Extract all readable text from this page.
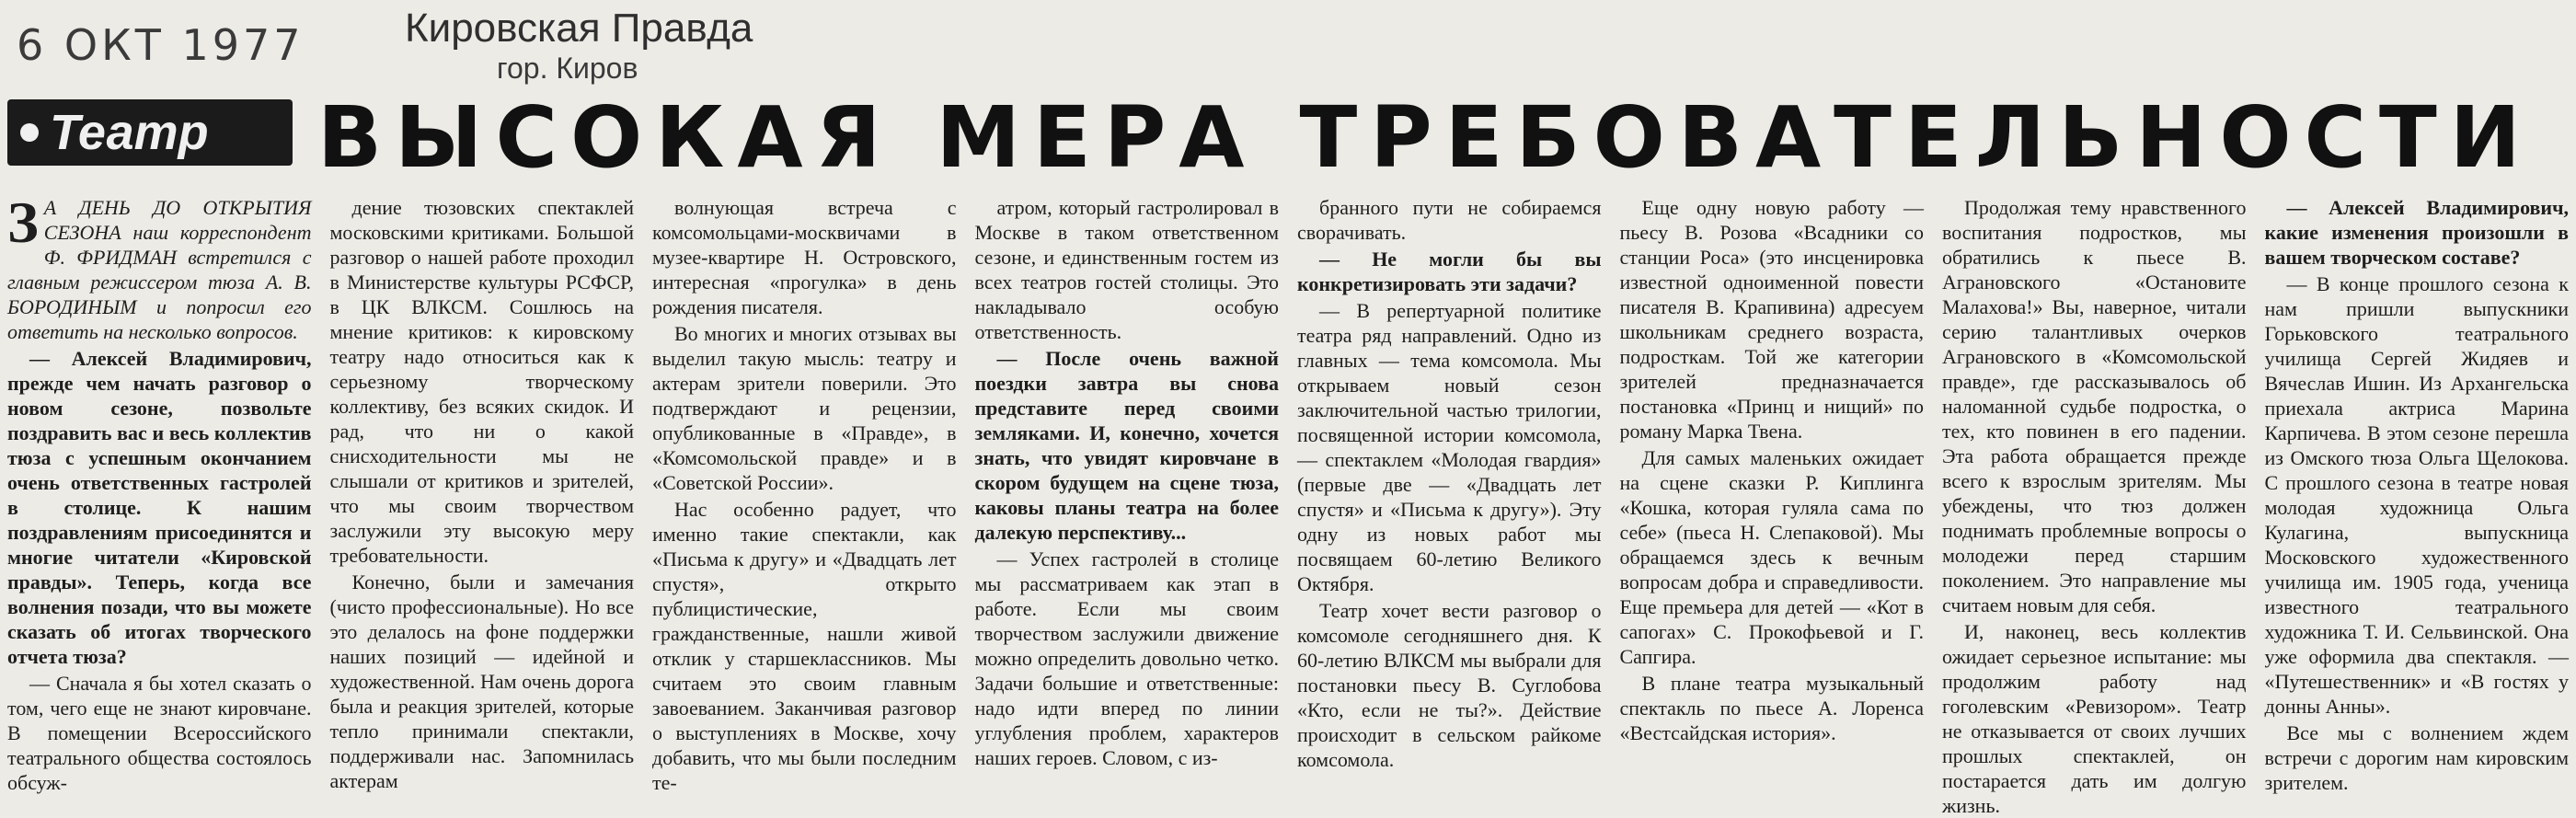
6 ОКТ 1977 Кировская Правда
гор. Киров
Театр ВЫСОКАЯ МЕРА ТРЕБОВАТЕЛЬНОСТИ

З А ДЕНЬ ДО ОТКРЫТИЯ СЕЗОНА наш корреспондент Ф. ФРИДМАН встретился с главным режиссером тюза А. В. БОРОДИНЫМ и попросил его ответить на несколько вопросов.

— Алексей Владимирович, прежде чем начать разговор о новом сезоне, позвольте поздравить вас и весь коллектив тюза с успешным окончанием очень ответственных гастролей в столице. К нашим поздравлениям присоединятся и многие читатели «Кировской правды». Теперь, когда все волнения позади, что вы можете сказать об итогах творческого отчета тюза?

— Сначала я бы хотел сказать о том, чего еще не знают кировчане. В помещении Всероссийского театрального общества состоялось обсуж-

дение тюзовских спектаклей московскими критиками. Большой разговор о нашей работе проходил в Министерстве культуры РСФСР, в ЦК ВЛКСМ. Сошлюсь на мнение критиков: к кировскому театру надо относиться как к серьезному творческому коллективу, без всяких скидок. И рад, что ни о какой снисходительности мы не слышали от критиков и зрителей, что мы своим творчеством заслужили эту высокую меру требовательности.

Конечно, были и замечания (чисто профессиональные). Но все это делалось на фоне поддержки наших позиций — идейной и художественной. Нам очень дорога была и реакция зрителей, которые тепло принимали спектакли, поддерживали нас. Запомнилась актерам

волнующая встреча с комсомольцами-москвичами в музее-квартире Н. Островского, интересная «прогулка» в день рождения писателя.

Во многих и многих отзывах вы выделил такую мысль: театру и актерам зрители поверили. Это подтверждают и рецензии, опубликованные в «Правде», в «Комсомольской правде» и в «Советской России».

Нас особенно радует, что именно такие спектакли, как «Письма к другу» и «Двадцать лет спустя», открыто публицистические, гражданственные, нашли живой отклик у старшеклассников. Мы считаем это своим главным завоеванием. Заканчивая разговор о выступлениях в Москве, хочу добавить, что мы были последним те-

атром, который гастролировал в Москве в таком ответственном сезоне, и единственным гостем из всех театров гостей столицы. Это накладывало особую ответственность.

— После очень важной поездки завтра вы снова представите перед своими земляками. И, конечно, хочется знать, что увидят кировчане в скором будущем на сцене тюза, каковы планы театра на более далекую перспективу...

— Успех гастролей в столице мы рассматриваем как этап в работе. Если мы своим творчеством заслужили движение можно определить довольно четко. Задачи большие и ответственные: надо идти вперед по линии углубления проблем, характеров наших героев. Словом, с из-

бранного пути не собираемся сворачивать.

— Не могли бы вы конкретизировать эти задачи?

— В репертуарной политике театра ряд направлений. Одно из главных — тема комсомола. Мы открываем новый сезон заключительной частью трилогии, посвященной истории комсомола, — спектаклем «Молодая гвардия» (первые две — «Двадцать лет спустя» и «Письма к другу»). Эту одну из новых работ мы посвящаем 60-летию Великого Октября.

Театр хочет вести разговор о комсомоле сегодняшнего дня. К 60-летию ВЛКСМ мы выбрали для постановки пьесу В. Суглобова «Кто, если не ты?». Действие происходит в сельском райкоме комсомола.

Еще одну новую работу — пьесу В. Розова «Всадники со станции Роса» (это инсценировка известной одноименной повести писателя В. Крапивина) адресуем школьникам среднего возраста, подросткам. Той же категории зрителей предназначается постановка «Принц и нищий» по роману Марка Твена.

Для самых маленьких ожидает на сцене сказки Р. Киплинга «Кошка, которая гуляла сама по себе» (пьеса Н. Слепаковой). Мы обращаемся здесь к вечным вопросам добра и справедливости. Еще премьера для детей — «Кот в сапогах» С. Прокофьевой и Г. Сапгира.

В плане театра музыкальный спектакль по пьесе А. Лоренса «Вестсайдская история».

Продолжая тему нравственного воспитания подростков, мы обратились к пьесе В. Аграновского «Остановите Малахова!» Вы, наверное, читали серию талантливых очерков Аграновского в «Комсомольской правде», где рассказывалось об наломанной судьбе подростка, о тех, кто повинен в его падении. Эта работа обращается прежде всего к взрослым зрителям. Мы убеждены, что тюз должен поднимать проблемные вопросы о молодежи перед старшим поколением. Это направление мы считаем новым для себя.

И, наконец, весь коллектив ожидает серьезное испытание: мы продолжим работу над гоголевским «Ревизором». Театр не отказывается от своих лучших прошлых спектаклей, он постарается дать им долгую жизнь.

— Алексей Владимирович, какие изменения произошли в вашем творческом составе?

— В конце прошлого сезона к нам пришли выпускники Горьковского театрального училища Сергей Жидяев и Вячеслав Ишин. Из Архангельска приехала актриса Марина Карпичева. В этом сезоне перешла из Омского тюза Ольга Щелокова. С прошлого сезона в театре новая молодая художница Ольга Кулагина, выпускница Московского художественного училища им. 1905 года, ученица известного театрального художника Т. И. Сельвинской. Она уже оформила два спектакля. — «Путешественник» и «В гостях у донны Анны».

Все мы с волнением ждем встречи с дорогим нам кировским зрителем.
